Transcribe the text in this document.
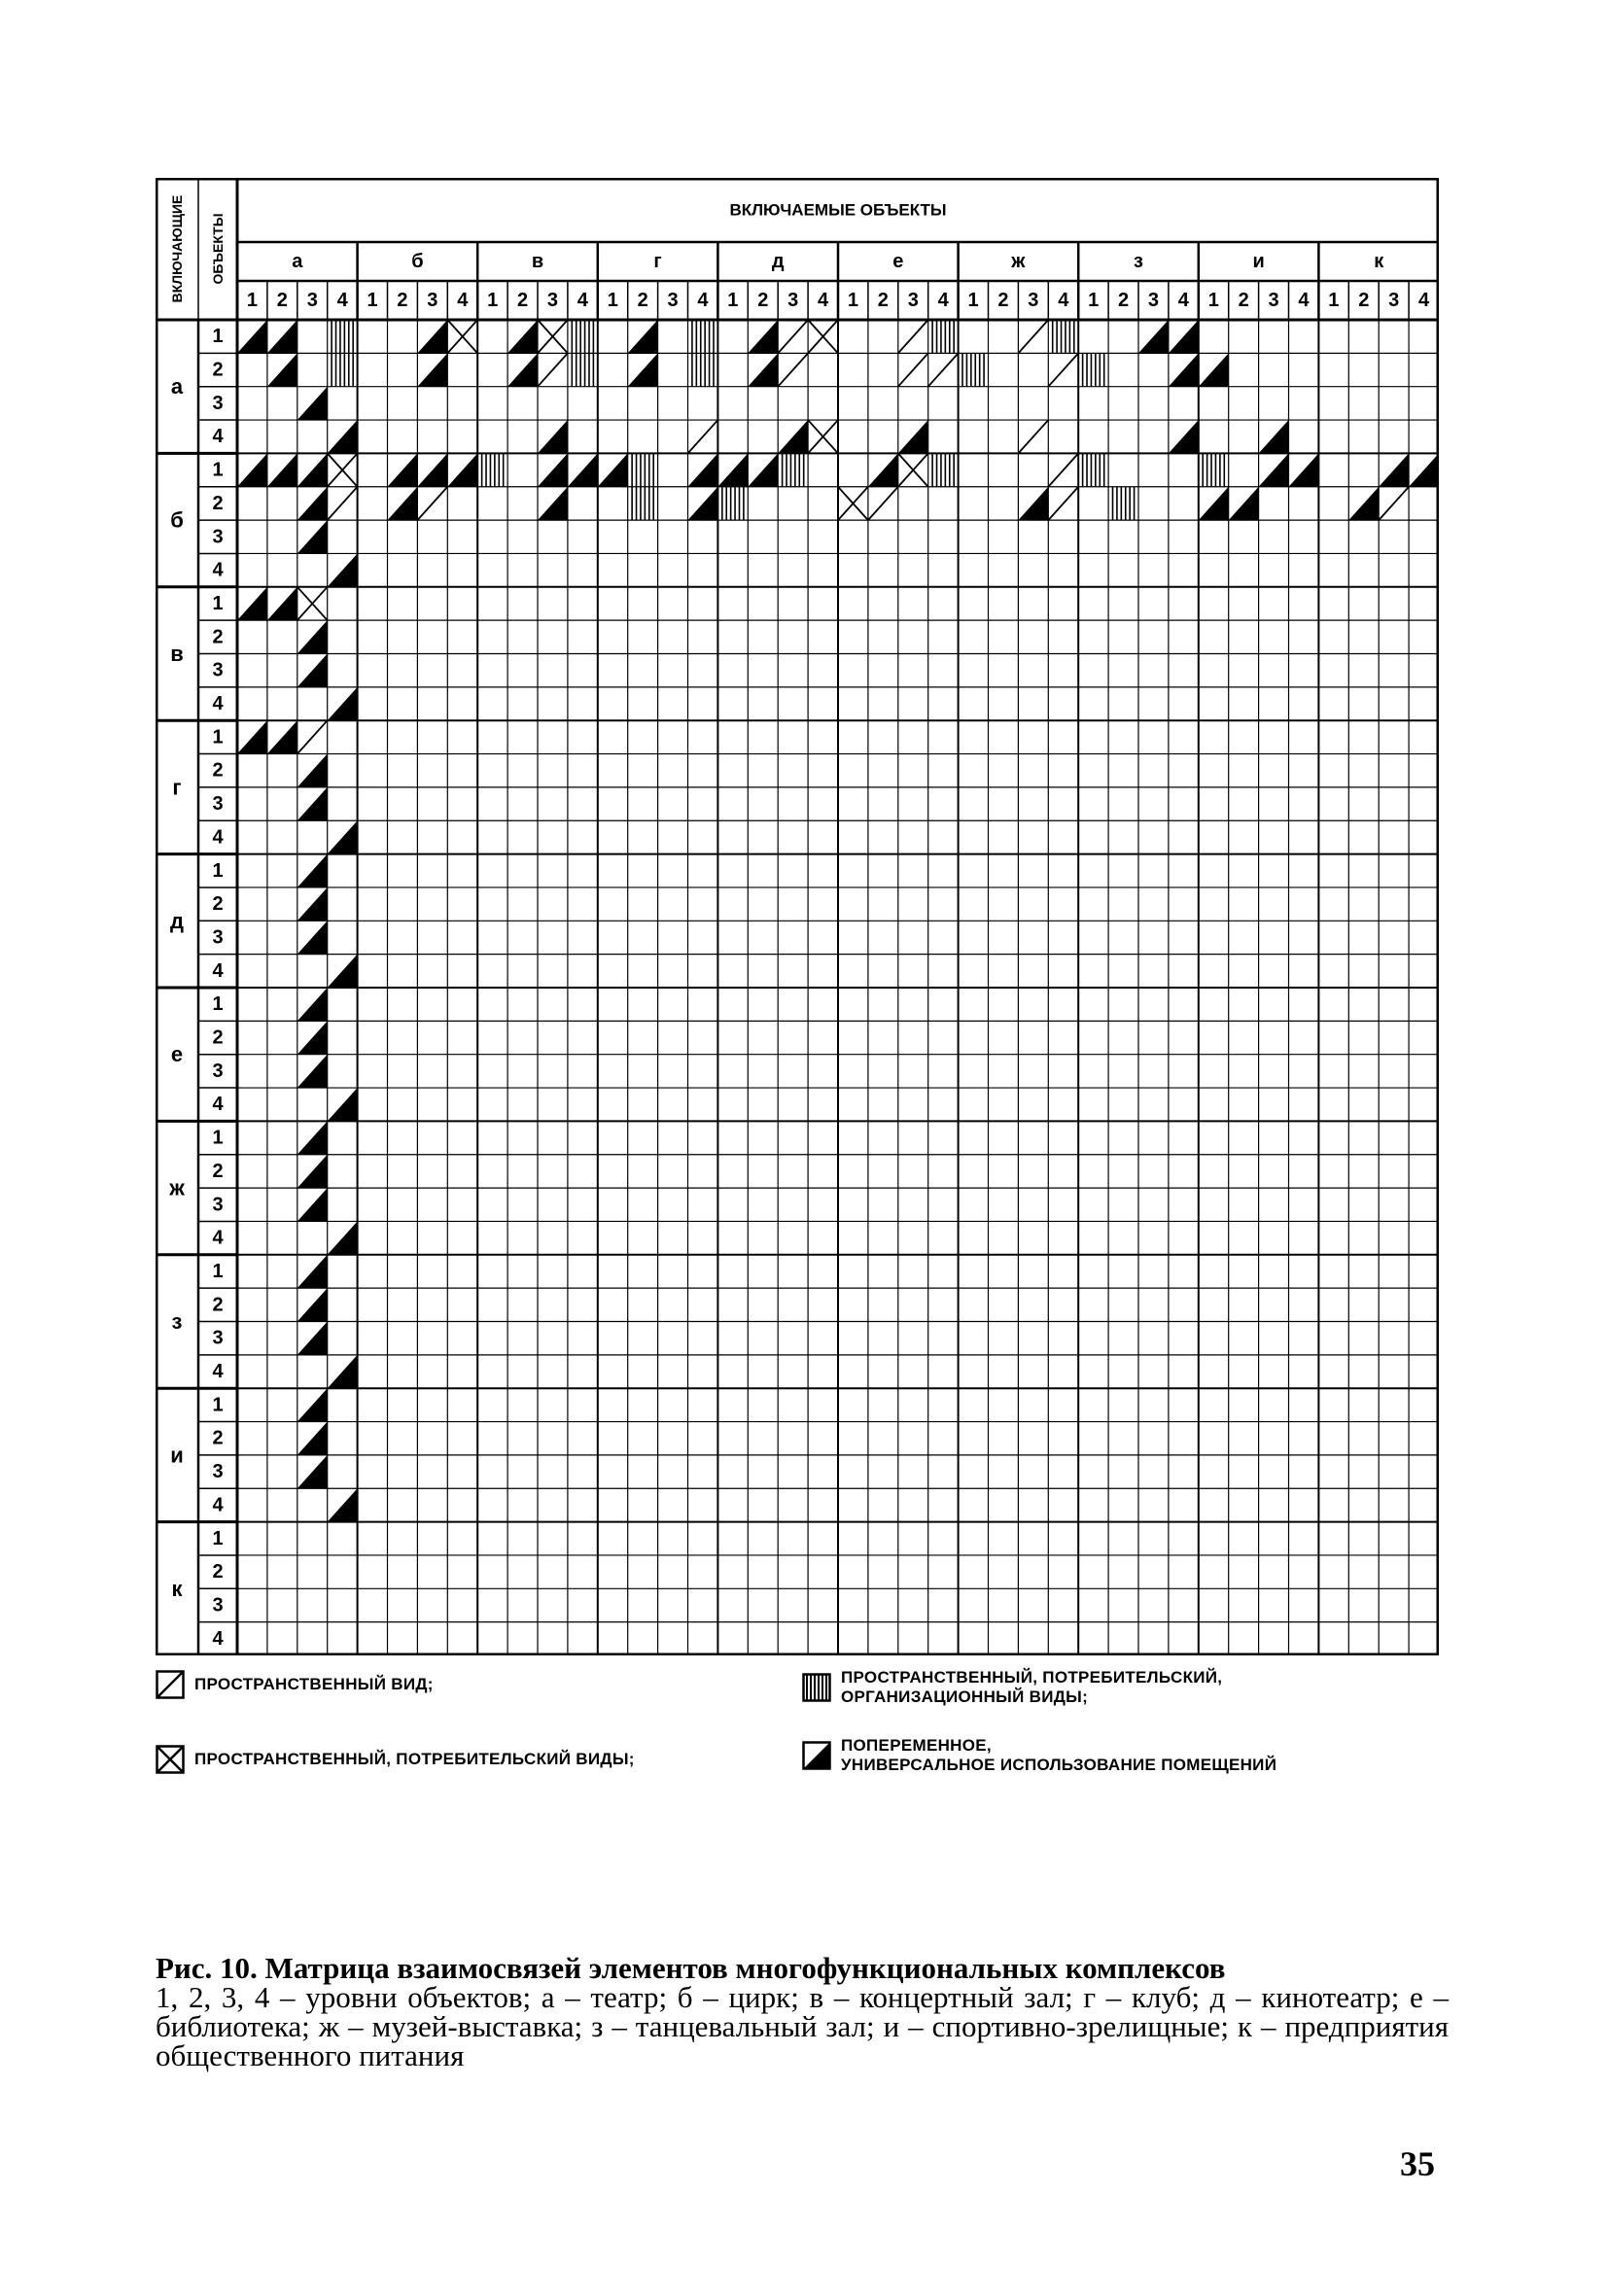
ВКЛЮЧАЕМЫЕ ОБЪЕКТЫ
ВКЛЮЧАЮЩИЕ ОБЪЕКТЫ	а
1 2 3 4
б
1 2 3 4
в
1 2 3 4
г
1 2 3 4
д
1 2 3 4
е
1 2 3 4
ж
1 2 3 4
з
1 2 3 4
и
1 2 3 4
к
1 2 3 4
а
1
2
3
4
б
1
2
3
4
в
1
2
3
4
г
1
2
3
4
д
1
2
3
4
е
1
2
3
4
ж
1
2
3
4
з
1
2
3
4
и
1
2
3
4
к
1
2
3
4
ПРОСТРАНСТВЕННЫЙ ВИД;
ПРОСТРАНСТВЕННЫЙ, ПОТРЕБИТЕЛЬСКИЙ ВИДЫ;
ПРОСТРАНСТВЕННЫЙ, ПОТРЕБИТЕЛЬСКИЙ,
ОРГАНИЗАЦИОННЫЙ ВИДЫ;
ПОПЕРЕМЕННОЕ,
УНИВЕРСАЛЬНОЕ ИСПОЛЬЗОВАНИЕ ПОМЕЩЕНИЙ
Рис. 10. Матрица взаимосвязей элементов многофункциональных комплексов
1, 2, 3, 4 – уровни объектов; а – театр; б – цирк; в – концертный зал; г – клуб; д – кинотеатр; е – библиотека; ж – музей-выставка; з – танцевальный зал; и – спортивно-зрелищные; к – предприятия общественного питания
35
